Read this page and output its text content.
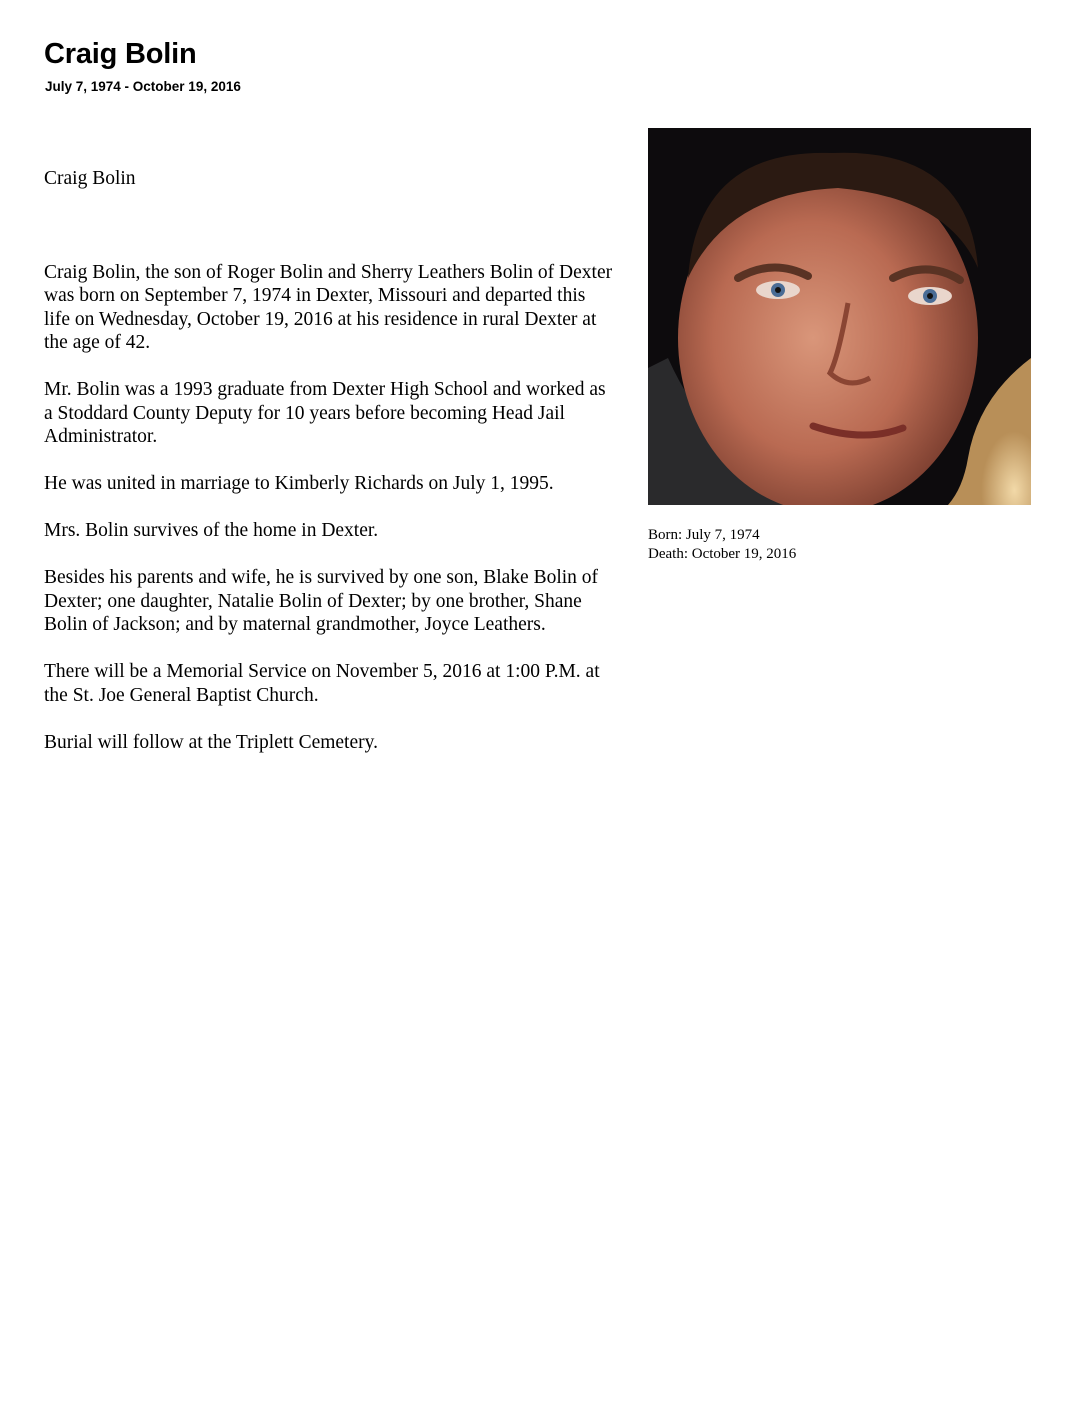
Craig Bolin
July 7, 1974 - October 19, 2016

Craig Bolin

Craig Bolin, the son of Roger Bolin and Sherry Leathers Bolin of Dexter was born on September 7, 1974 in Dexter, Missouri and departed this life on Wednesday, October 19, 2016 at his residence in rural Dexter at the age of 42.

Mr. Bolin was a 1993 graduate from Dexter High School and worked as a Stoddard County Deputy for 10 years before becoming Head Jail Administrator.

He was united in marriage to Kimberly Richards on July 1, 1995.

Mrs. Bolin survives of the home in Dexter.

Besides his parents and wife, he is survived by one son, Blake Bolin of Dexter; one daughter, Natalie Bolin of Dexter; by one brother, Shane Bolin of Jackson; and by maternal grandmother, Joyce Leathers.

There will be a Memorial Service on November 5, 2016 at 1:00 P.M. at the St. Joe General Baptist Church.

Burial will follow at the Triplett Cemetery.

Born: July 7, 1974
Death: October 19, 2016
